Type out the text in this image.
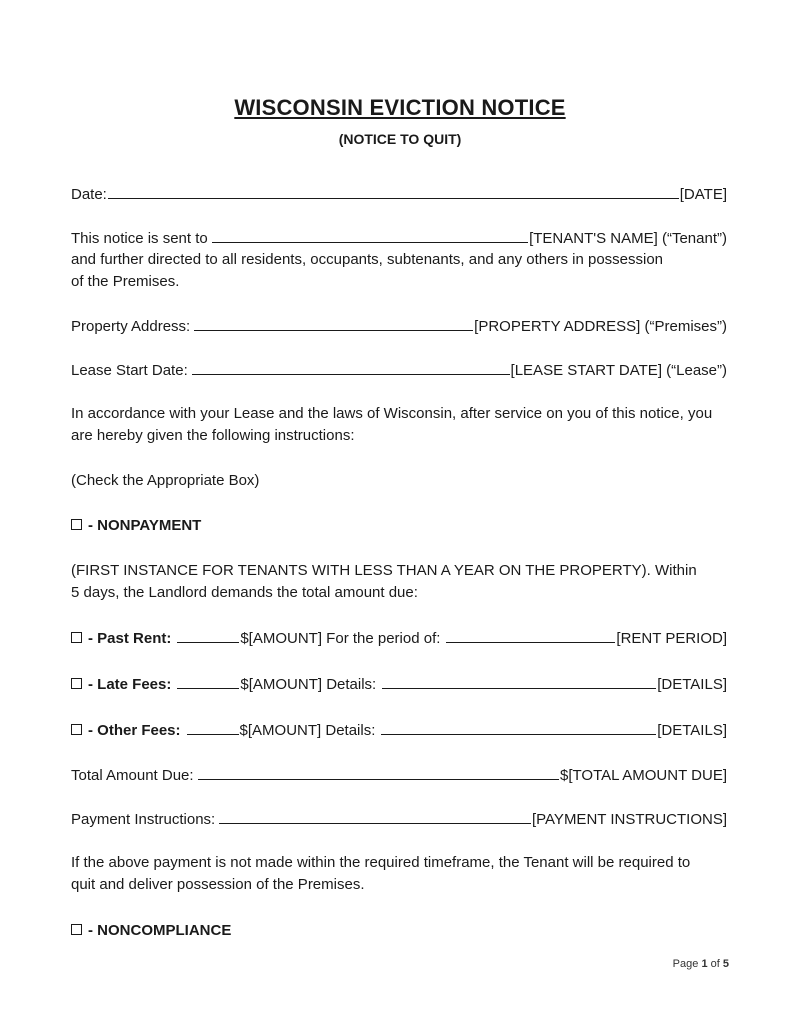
WISCONSIN EVICTION NOTICE
(NOTICE TO QUIT)
Date:	[DATE]
This notice is sent to	[TENANT'S NAME] (“Tenant”)
and further directed to all residents, occupants, subtenants, and any others in possession of the Premises.
Property Address:	[PROPERTY ADDRESS] (“Premises”)
Lease Start Date:	[LEASE START DATE] (“Lease”)
In accordance with your Lease and the laws of Wisconsin, after service on you of this notice, you are hereby given the following instructions:
(Check the Appropriate Box)
- NONPAYMENT
(FIRST INSTANCE FOR TENANTS WITH LESS THAN A YEAR ON THE PROPERTY). Within 5 days, the Landlord demands the total amount due:
- Past Rent:	$[AMOUNT] For the period of:	[RENT PERIOD]
- Late Fees:	$[AMOUNT] Details:	[DETAILS]
- Other Fees:	$[AMOUNT] Details:	[DETAILS]
Total Amount Due:	$[TOTAL AMOUNT DUE]
Payment Instructions:	[PAYMENT INSTRUCTIONS]
If the above payment is not made within the required timeframe, the Tenant will be required to quit and deliver possession of the Premises.
- NONCOMPLIANCE
Page 1 of 5
